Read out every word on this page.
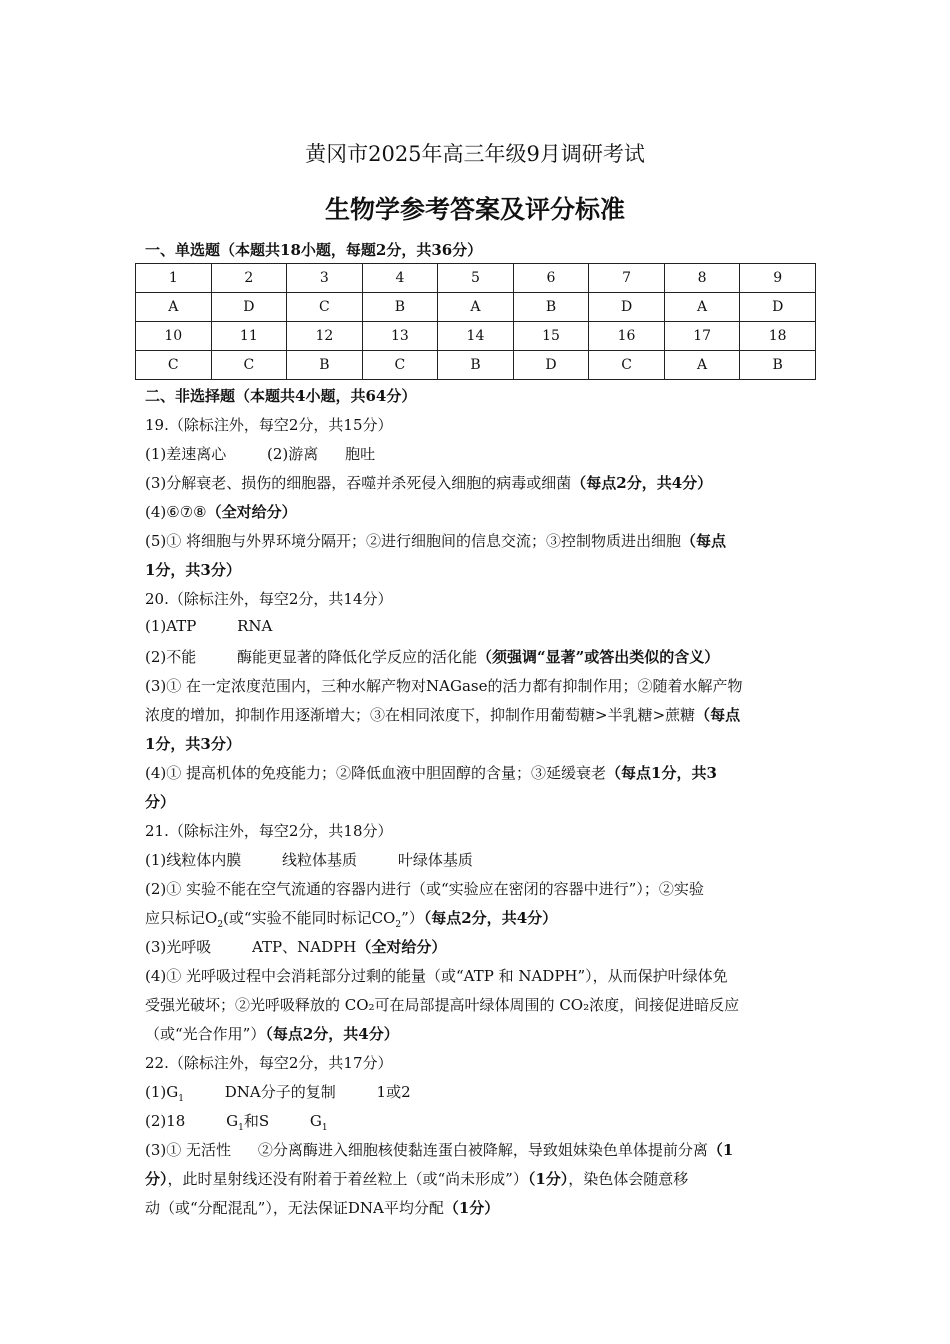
黄冈市2025年高三年级9月调研考试
生物学参考答案及评分标准
一、单选题（本题共18小题，每题2分，共36分）
1	2	3	4	5	6	7	8	9
A	D	C	B	A	B	D	A	D
10	11	12	13	14	15	16	17	18
C	C	B	C	B	D	C	A	B
二、非选择题（本题共4小题，共64分）
19.（除标注外，每空2分，共15分）
(1)差速离心	(2)游离 胞吐
(3)分解衰老、损伤的细胞器，吞噬并杀死侵入细胞的病毒或细菌（每点2分，共4分）
(4)⑥⑦⑧（全对给分）
(5)① 将细胞与外界环境分隔开；②进行细胞间的信息交流；③控制物质进出细胞（每点
1分，共3分）
20.（除标注外，每空2分，共14分）
(1)ATP	RNA
(2)不能	酶能更显著的降低化学反应的活化能（须强调“显著”或答出类似的含义）
(3)① 在一定浓度范围内，三种水解产物对NAGase的活力都有抑制作用；②随着水解产物
浓度的增加，抑制作用逐渐增大；③在相同浓度下，抑制作用葡萄糖>半乳糖>蔗糖（每点
1分，共3分）
(4)① 提高机体的免疫能力；②降低血液中胆固醇的含量；③延缓衰老（每点1分，共3
分）
21.（除标注外，每空2分，共18分）
(1)线粒体内膜	线粒体基质	叶绿体基质
(2)① 实验不能在空气流通的容器内进行（或“实验应在密闭的容器中进行”）；②实验
应只标记$O_2$(或“实验不能同时标记$CO_2$”）（每点2分，共4分）
(3)光呼吸	ATP、NADPH（全对给分）
(4)① 光呼吸过程中会消耗部分过剩的能量（或“ATP 和 NADPH”），从而保护叶绿体免
受强光破坏；②光呼吸释放的 CO₂可在局部提高叶绿体周围的 CO₂浓度，间接促进暗反应
（或“光合作用”）（每点2分，共4分）
22.（除标注外，每空2分，共17分）
$(1)G_1$	DNA分子的复制	1或2
(2)18	$G_1$和S	$G_1$
(3)① 无活性 ②分离酶进入细胞核使黏连蛋白被降解，导致姐妹染色单体提前分离（1
分），此时星射线还没有附着于着丝粒上（或“尚未形成”）（1分），染色体会随意移
动（或“分配混乱”），无法保证DNA平均分配（1分）
